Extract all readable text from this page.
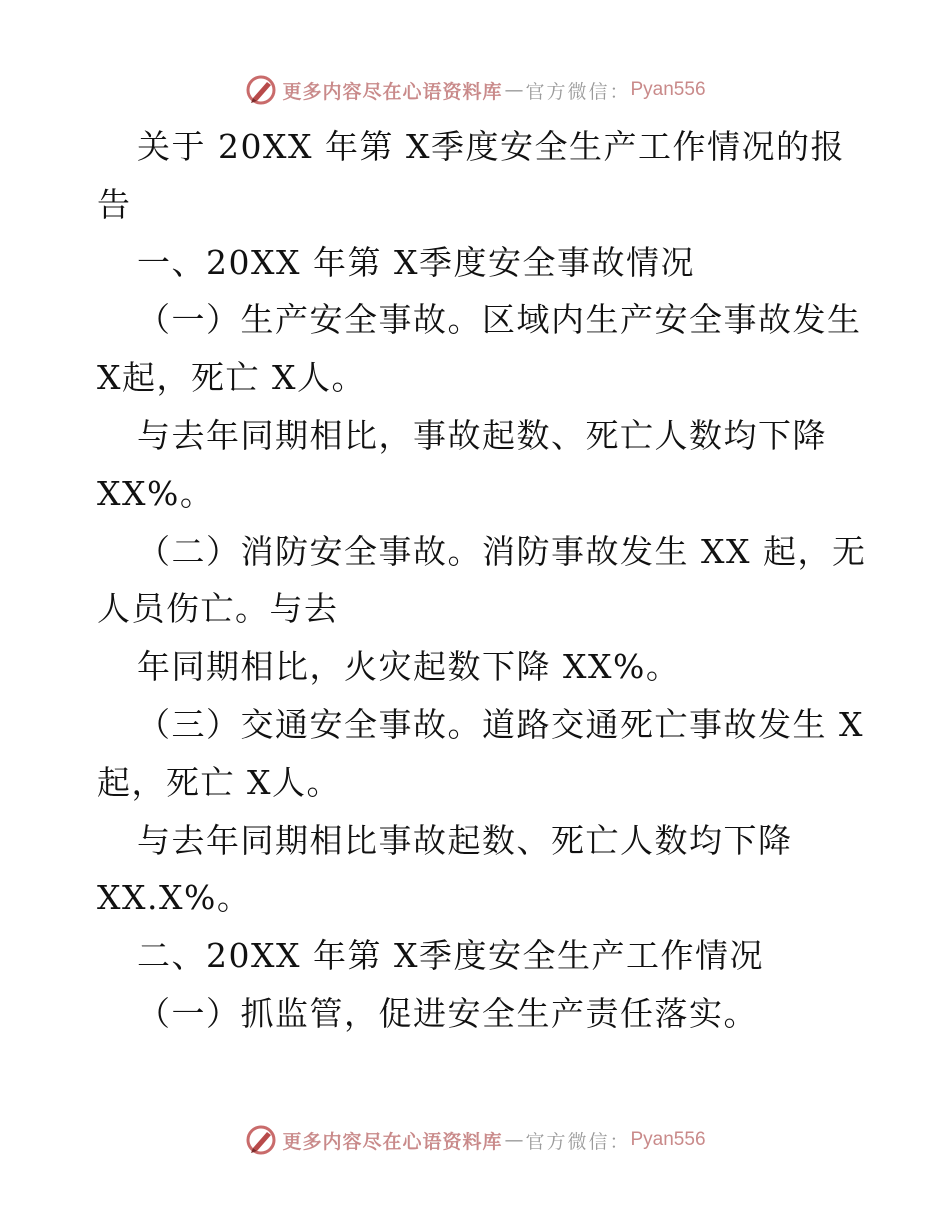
更多内容尽在心语资料库 — 官方微信： Pyan556
关于 20XX 年第 X季度安全生产工作情况的报
告
一、20XX 年第 X季度安全事故情况
（一）生产安全事故。区域内生产安全事故发生
X起，死亡 X人。
与去年同期相比，事故起数、死亡人数均下降
XX%。
（二）消防安全事故。消防事故发生 XX 起，无
人员伤亡。与去
年同期相比，火灾起数下降 XX%。
（三）交通安全事故。道路交通死亡事故发生 X
起，死亡 X人。
与去年同期相比事故起数、死亡人数均下降
XX.X%。
二、20XX 年第 X季度安全生产工作情况
（一）抓监管，促进安全生产责任落实。
更多内容尽在心语资料库 — 官方微信： Pyan556
